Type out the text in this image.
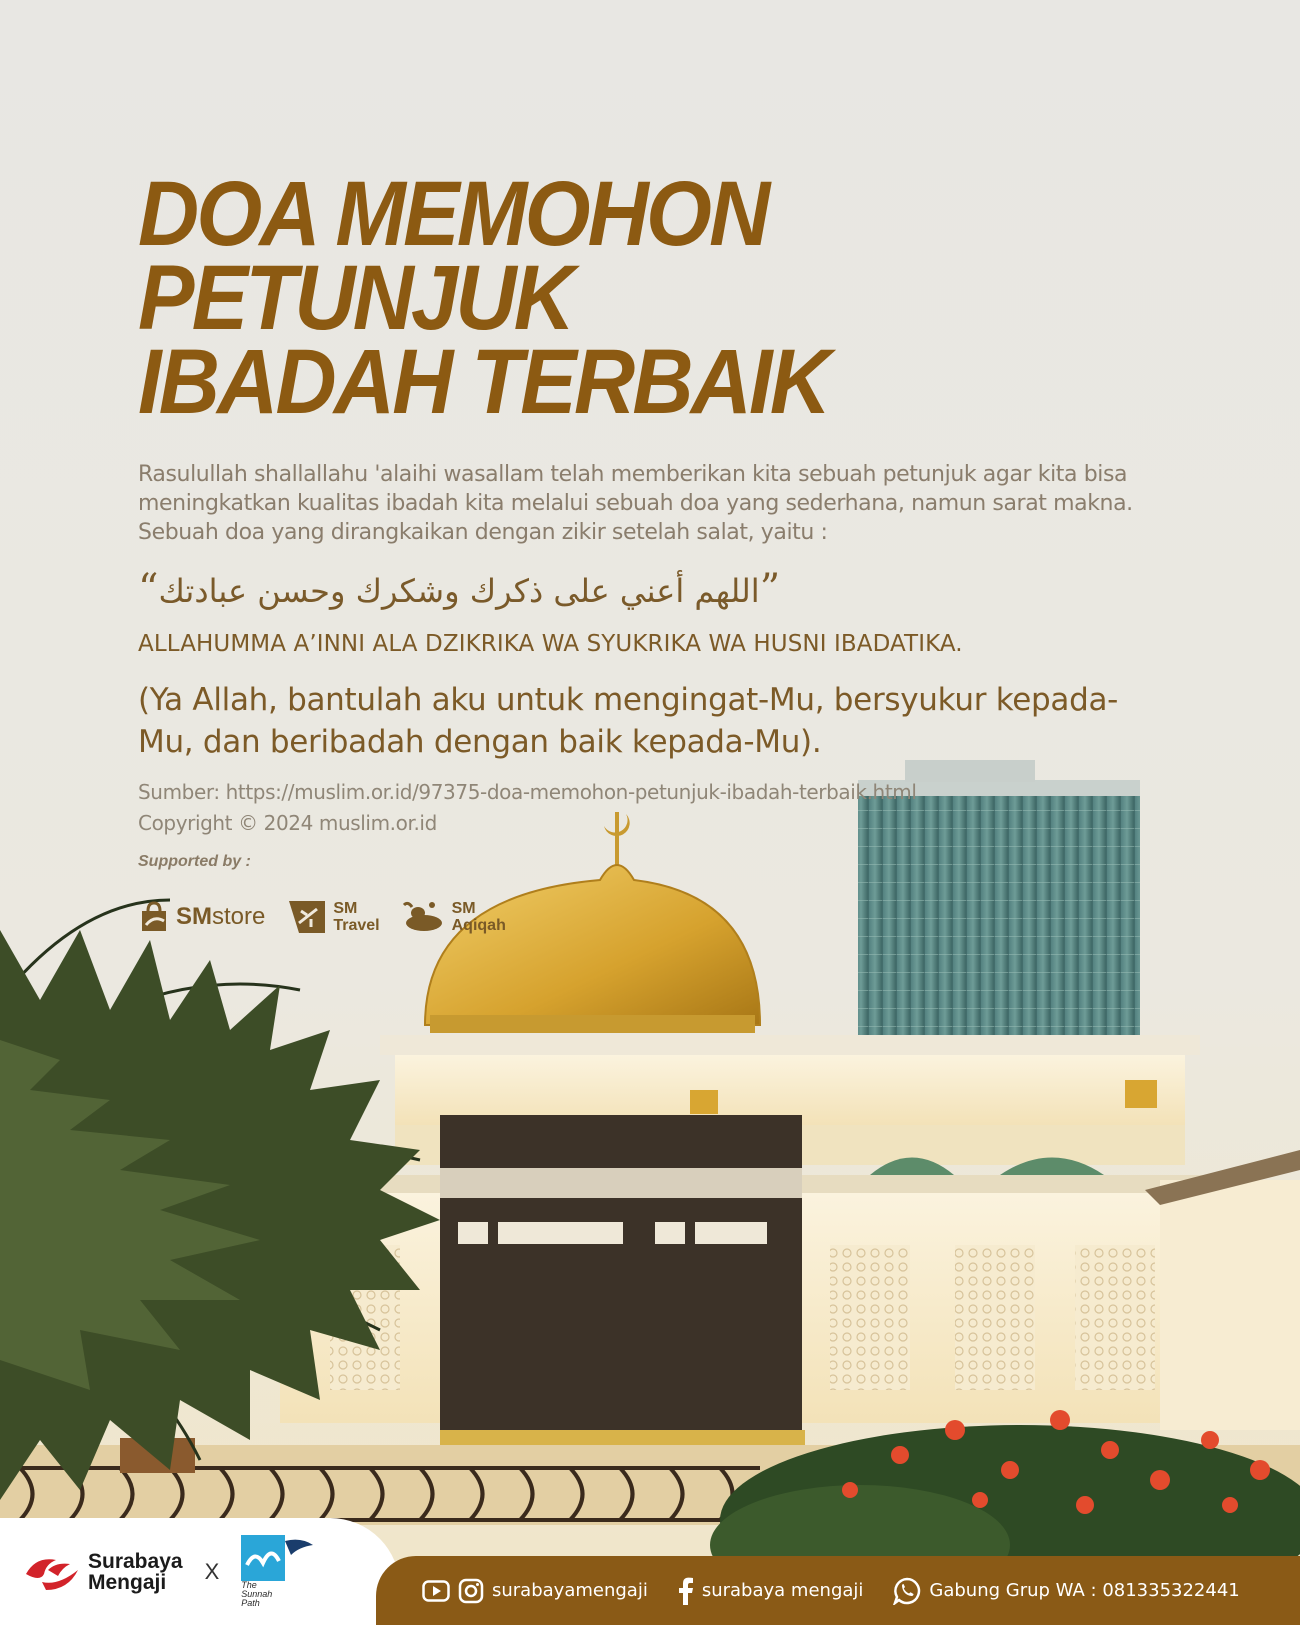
DOA MEMOHON PETUNJUK
IBADAH TERBAIK

Rasulullah shallallahu 'alaihi wasallam telah memberikan kita sebuah petunjuk agar kita bisa meningkatkan kualitas ibadah kita melalui sebuah doa yang sederhana, namun sarat makna. Sebuah doa yang dirangkaikan dengan zikir setelah salat, yaitu :

”اللهم أعني على ذكرك وشكرك وحسن عبادتك“

ALLAHUMMA A’INNI ALA DZIKRIKA WA SYUKRIKA WA HUSNI IBADATIKA.

(Ya Allah, bantulah aku untuk mengingat-Mu, bersyukur kepada-Mu, dan beribadah dengan baik kepada-Mu).

Sumber: https://muslim.or.id/97375-doa-memohon-petunjuk-ibadah-terbaik.html
Copyright © 2024 muslim.or.id
Supported by :
SMstore	SM
Travel
SM
Aqiqah
Surabaya
Mengaji	X
The
Sunnah
Path
surabayamengaji	surabaya mengaji	Gabung Grup WA : 081335322441
